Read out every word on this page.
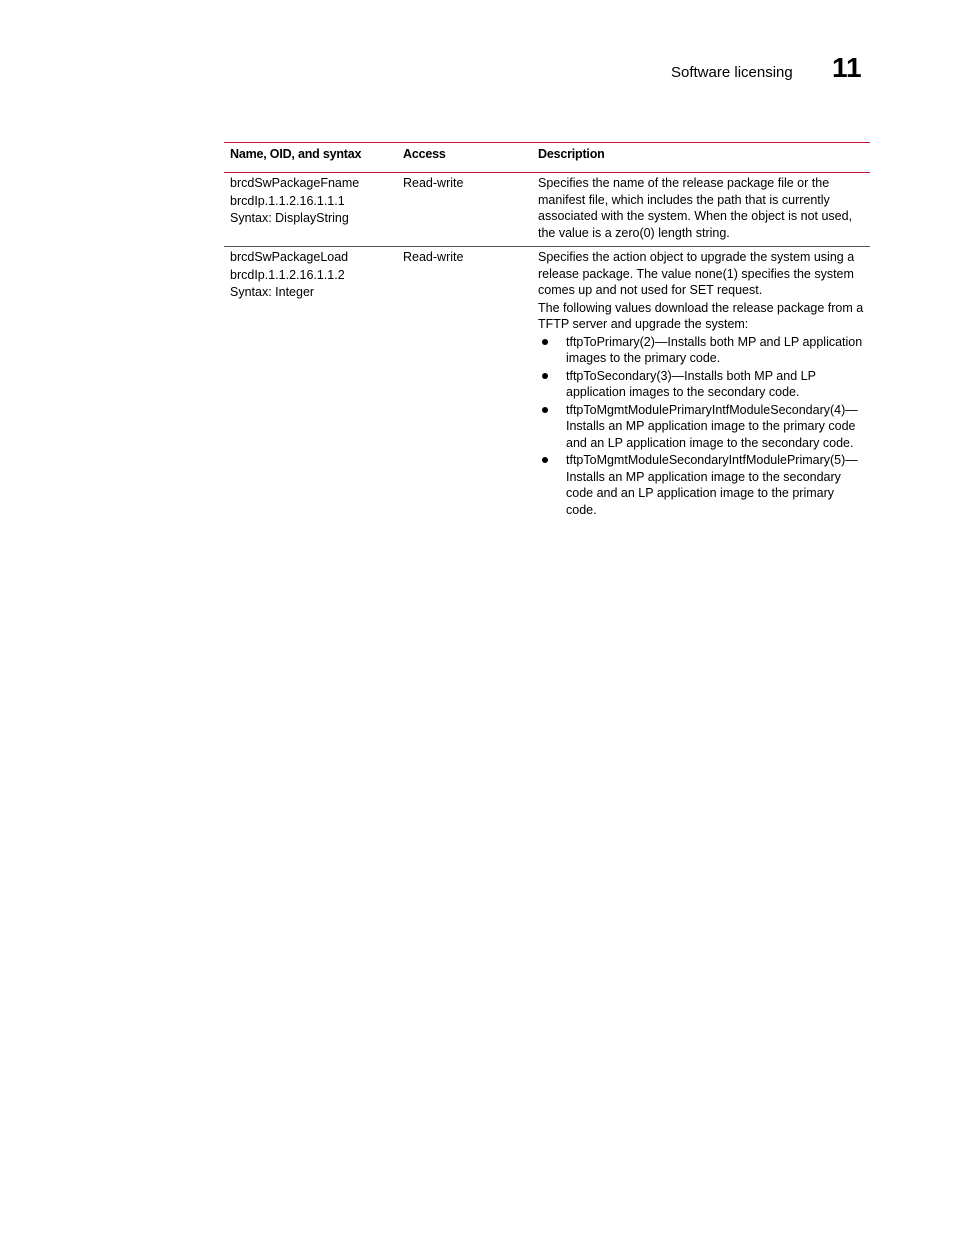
Software licensing 11
Name, OID, and syntax	Access	Description
brcdSwPackageFname
brcdIp.1.1.2.16.1.1.1
Syntax: DisplayString
Read-write	Specifies the name of the release package file or the manifest file, which includes the path that is currently associated with the system. When the object is not used, the value is a zero(0) length string.

brcdSwPackageLoad
brcdIp.1.1.2.16.1.1.2
Syntax: Integer
Read-write	Specifies the action object to upgrade the system using a release package. The value none(1) specifies the system comes up and not used for SET request.

The following values download the release package from a TFTP server and upgrade the system:

tftpToPrimary(2)—Installs both MP and LP application images to the primary code.
tftpToSecondary(3)—Installs both MP and LP application images to the secondary code.
tftpToMgmtModulePrimaryIntfModuleSecondary(4)—Installs an MP application image to the primary code and an LP application image to the secondary code.
tftpToMgmtModuleSecondaryIntfModulePrimary(5)—Installs an MP application image to the secondary code and an LP application image to the primary code.
